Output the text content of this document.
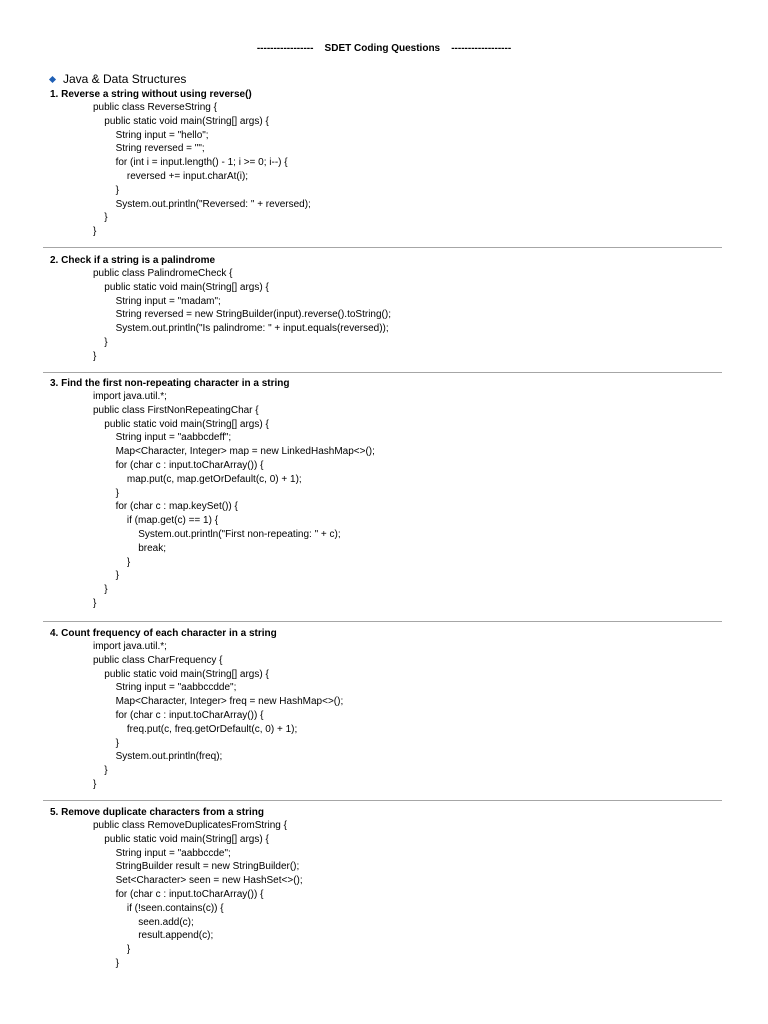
-----------------    SDET Coding Questions    ------------------
Java & Data Structures
1. Reverse a string without using reverse()
public class ReverseString {
public static void main(String[] args) {
String input = "hello";
String reversed = "";
for (int i = input.length() - 1; i >= 0; i--) {
reversed += input.charAt(i);
}
System.out.println("Reversed: " + reversed);
}
}
2. Check if a string is a palindrome
public class PalindromeCheck {
public static void main(String[] args) {
String input = "madam";
String reversed = new StringBuilder(input).reverse().toString();
System.out.println("Is palindrome: " + input.equals(reversed));
}
}
3. Find the first non-repeating character in a string
import java.util.*;
public class FirstNonRepeatingChar {
public static void main(String[] args) {
String input = "aabbcdeff";
Map<Character, Integer> map = new LinkedHashMap<>();
for (char c : input.toCharArray()) {
map.put(c, map.getOrDefault(c, 0) + 1);
}
for (char c : map.keySet()) {
if (map.get(c) == 1) {
System.out.println("First non-repeating: " + c);
break;
}
}
}
}
4. Count frequency of each character in a string
import java.util.*;
public class CharFrequency {
public static void main(String[] args) {
String input = "aabbccdde";
Map<Character, Integer> freq = new HashMap<>();
for (char c : input.toCharArray()) {
freq.put(c, freq.getOrDefault(c, 0) + 1);
}
System.out.println(freq);
}
}
5. Remove duplicate characters from a string
public class RemoveDuplicatesFromString {
public static void main(String[] args) {
String input = "aabbccde";
StringBuilder result = new StringBuilder();
Set<Character> seen = new HashSet<>();
for (char c : input.toCharArray()) {
if (!seen.contains(c)) {
seen.add(c);
result.append(c);
}
}
